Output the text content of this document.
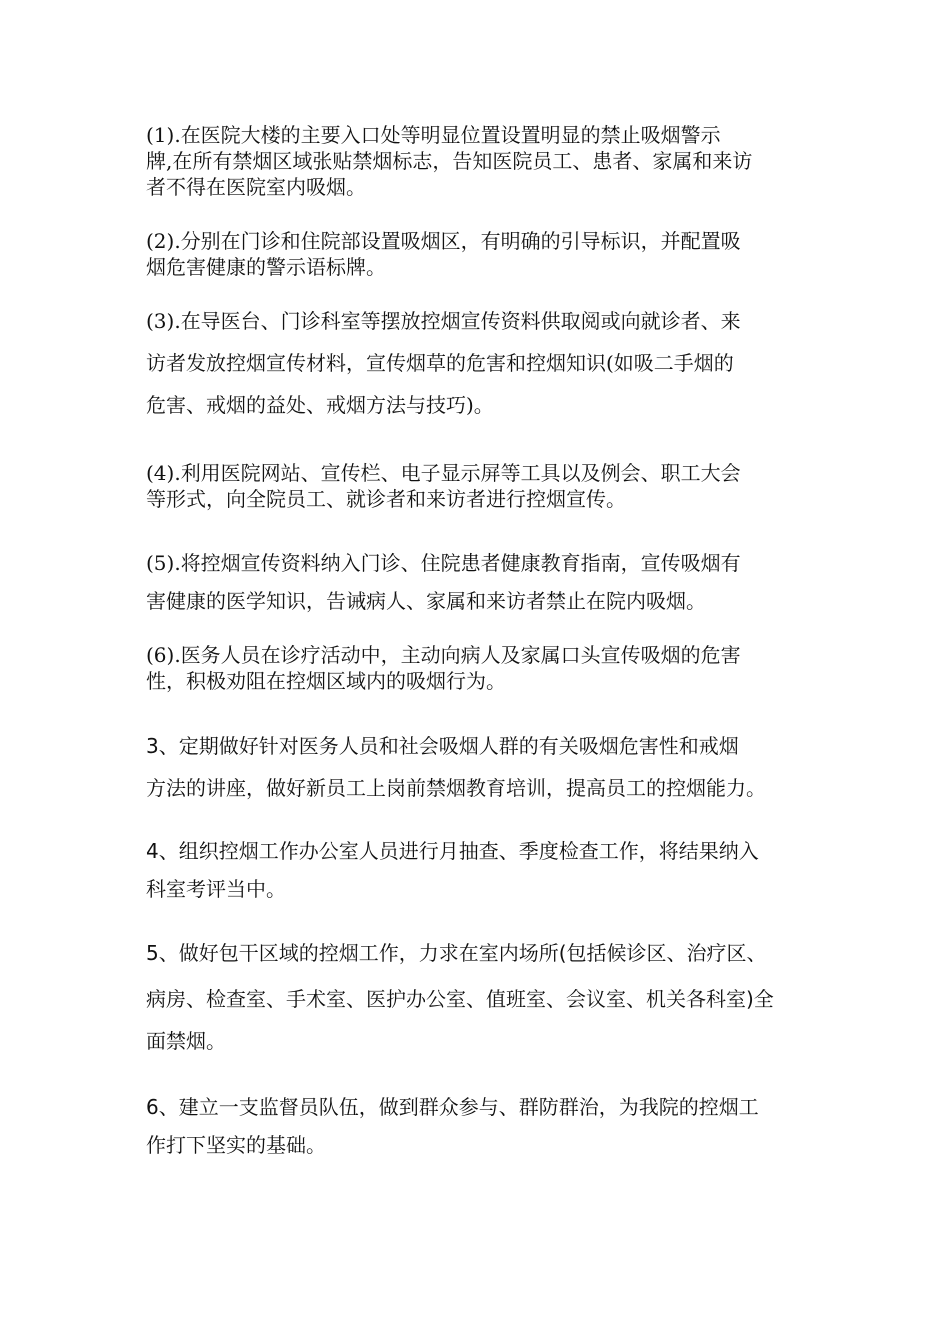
(1).在医院大楼的主要入口处等明显位置设置明显的禁止吸烟警示
牌,在所有禁烟区域张贴禁烟标志，告知医院员工、患者、家属和来访
者不得在医院室内吸烟。

(2).分别在门诊和住院部设置吸烟区，有明确的引导标识，并配置吸
烟危害健康的警示语标牌。

(3).在导医台、门诊科室等摆放控烟宣传资料供取阅或向就诊者、来
访者发放控烟宣传材料，宣传烟草的危害和控烟知识(如吸二手烟的
危害、戒烟的益处、戒烟方法与技巧)。

(4).利用医院网站、宣传栏、电子显示屏等工具以及例会、职工大会
等形式，向全院员工、就诊者和来访者进行控烟宣传。

(5).将控烟宣传资料纳入门诊、住院患者健康教育指南，宣传吸烟有
害健康的医学知识，告诫病人、家属和来访者禁止在院内吸烟。

(6).医务人员在诊疗活动中，主动向病人及家属口头宣传吸烟的危害
性，积极劝阻在控烟区域内的吸烟行为。

3、定期做好针对医务人员和社会吸烟人群的有关吸烟危害性和戒烟
方法的讲座，做好新员工上岗前禁烟教育培训，提高员工的控烟能力。

4、组织控烟工作办公室人员进行月抽查、季度检查工作，将结果纳入
科室考评当中。

5、做好包干区域的控烟工作，力求在室内场所(包括候诊区、治疗区、
病房、检查室、手术室、医护办公室、值班室、会议室、机关各科室)全
面禁烟。

6、建立一支监督员队伍，做到群众参与、群防群治，为我院的控烟工
作打下坚实的基础。
